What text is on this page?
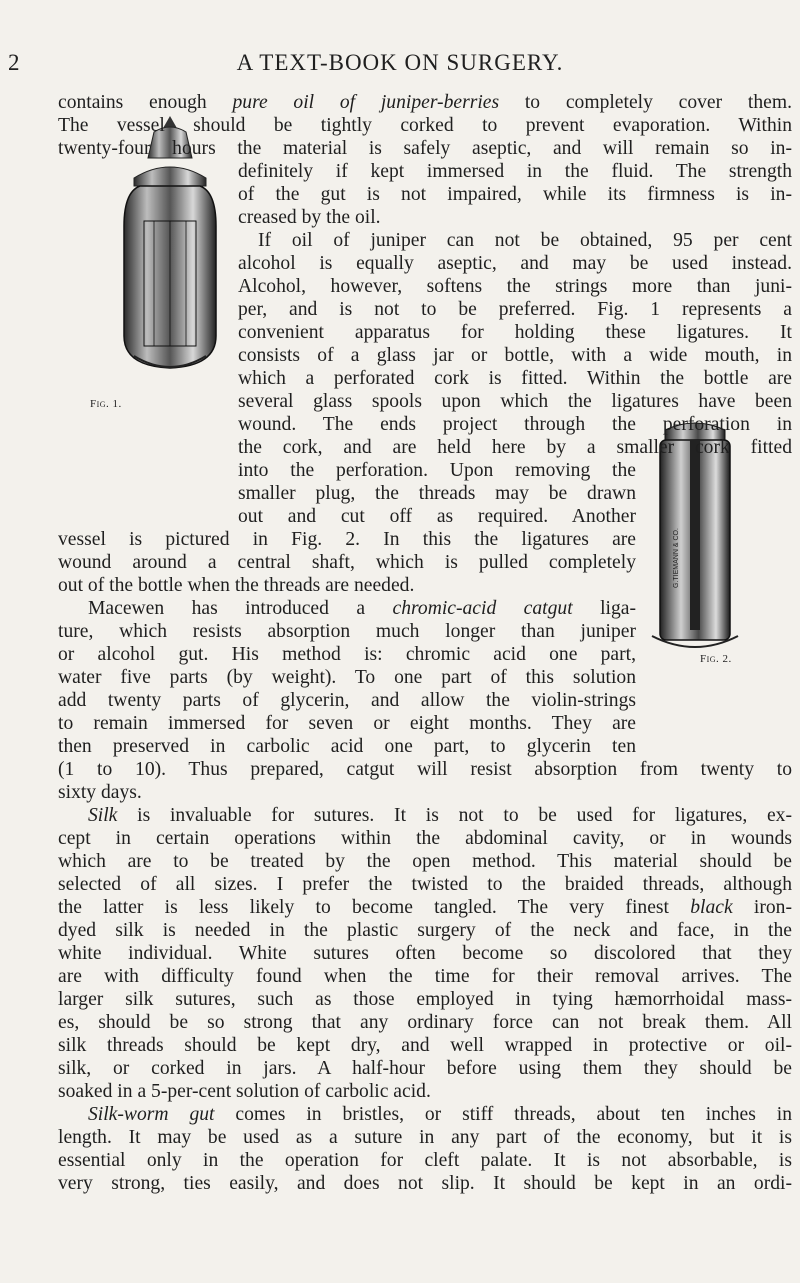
2	A TEXT-BOOK ON SURGERY.
Fig. 1.
G.TIEMANN & CO.
Fig. 2.
contains enough pure oil of juniper-berries to completely cover them.
The vessel should be tightly corked to prevent evaporation. Within
twenty-four hours the material is safely aseptic, and will remain so in-
definitely if kept immersed in the fluid. The strength
of the gut is not impaired, while its firmness is in-
creased by the oil.
If oil of juniper can not be obtained, 95 per cent
alcohol is equally aseptic, and may be used instead.
Alcohol, however, softens the strings more than juni-
per, and is not to be preferred. Fig. 1 represents a
convenient apparatus for holding these ligatures. It
consists of a glass jar or bottle, with a wide mouth, in
which a perforated cork is fitted. Within the bottle are
several glass spools upon which the ligatures have been
wound. The ends project through the perforation in
the cork, and are held here by a smaller cork fitted
into the perforation. Upon removing the
smaller plug, the threads may be drawn
out and cut off as required. Another
vessel is pictured in Fig. 2. In this the ligatures are
wound around a central shaft, which is pulled completely
out of the bottle when the threads are needed.
Macewen has introduced a chromic-acid catgut liga-
ture, which resists absorption much longer than juniper
or alcohol gut. His method is: chromic acid one part,
water five parts (by weight). To one part of this solution
add twenty parts of glycerin, and allow the violin-strings
to remain immersed for seven or eight months. They are
then preserved in carbolic acid one part, to glycerin ten
(1 to 10). Thus prepared, catgut will resist absorption from twenty to
sixty days.
Silk is invaluable for sutures. It is not to be used for ligatures, ex-
cept in certain operations within the abdominal cavity, or in wounds
which are to be treated by the open method. This material should be
selected of all sizes. I prefer the twisted to the braided threads, although
the latter is less likely to become tangled. The very finest black iron-
dyed silk is needed in the plastic surgery of the neck and face, in the
white individual. White sutures often become so discolored that they
are with difficulty found when the time for their removal arrives. The
larger silk sutures, such as those employed in tying hæmorrhoidal mass-
es, should be so strong that any ordinary force can not break them. All
silk threads should be kept dry, and well wrapped in protective or oil-
silk, or corked in jars. A half-hour before using them they should be
soaked in a 5-per-cent solution of carbolic acid.
Silk-worm gut comes in bristles, or stiff threads, about ten inches in
length. It may be used as a suture in any part of the economy, but it is
essential only in the operation for cleft palate. It is not absorbable, is
very strong, ties easily, and does not slip. It should be kept in an ordi-
